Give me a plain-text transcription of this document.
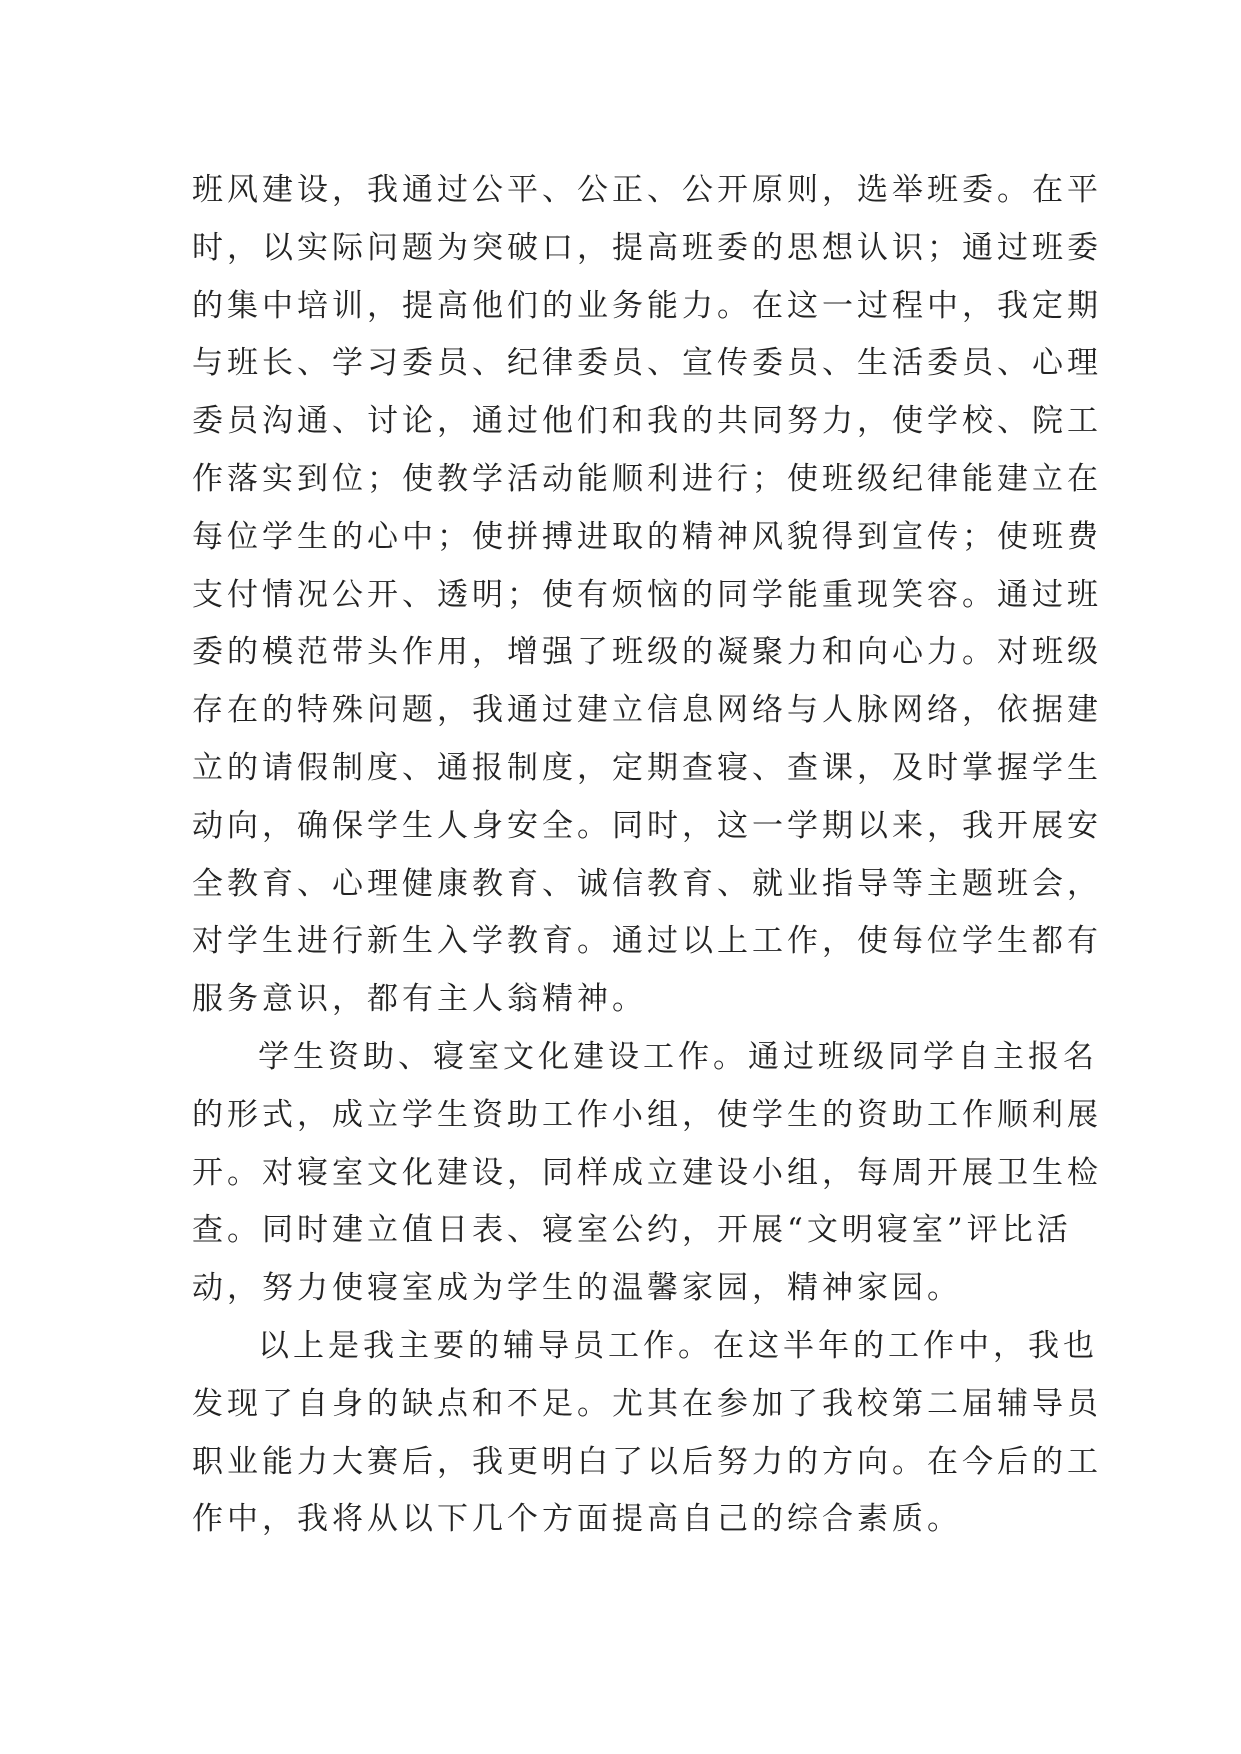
班风建设，我通过公平、公正、公开原则，选举班委。在平
时，以实际问题为突破口，提高班委的思想认识；通过班委
的集中培训，提高他们的业务能力。在这一过程中，我定期
与班长、学习委员、纪律委员、宣传委员、生活委员、心理
委员沟通、讨论，通过他们和我的共同努力，使学校、院工
作落实到位；使教学活动能顺利进行；使班级纪律能建立在
每位学生的心中；使拼搏进取的精神风貌得到宣传；使班费
支付情况公开、透明；使有烦恼的同学能重现笑容。通过班
委的模范带头作用，增强了班级的凝聚力和向心力。对班级
存在的特殊问题，我通过建立信息网络与人脉网络，依据建
立的请假制度、通报制度，定期查寝、查课，及时掌握学生
动向，确保学生人身安全。同时，这一学期以来，我开展安
全教育、心理健康教育、诚信教育、就业指导等主题班会，
对学生进行新生入学教育。通过以上工作，使每位学生都有
服务意识，都有主人翁精神。
学生资助、寝室文化建设工作。通过班级同学自主报名
的形式，成立学生资助工作小组，使学生的资助工作顺利展
开。对寝室文化建设，同样成立建设小组，每周开展卫生检
查。同时建立值日表、寝室公约，开展“文明寝室”评比活
动，努力使寝室成为学生的温馨家园，精神家园。
以上是我主要的辅导员工作。在这半年的工作中，我也
发现了自身的缺点和不足。尤其在参加了我校第二届辅导员
职业能力大赛后，我更明白了以后努力的方向。在今后的工
作中，我将从以下几个方面提高自己的综合素质。
